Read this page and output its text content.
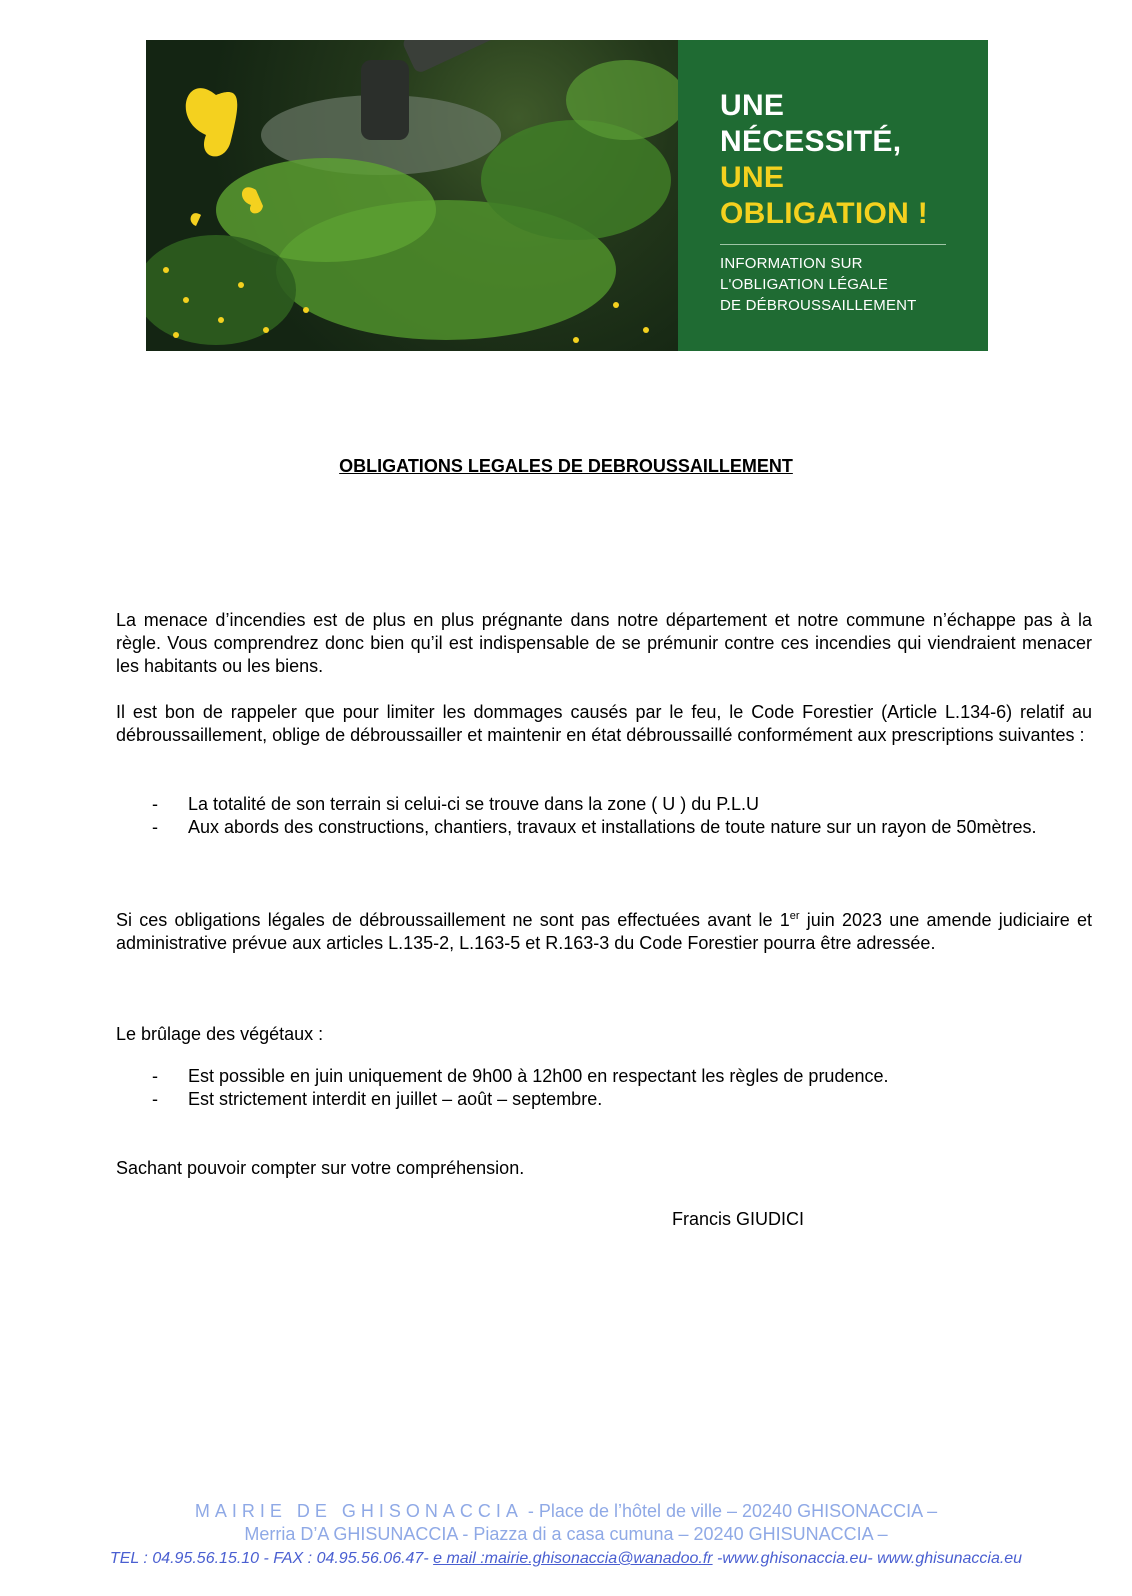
UNE
NÉCESSITÉ,
UNE
OBLIGATION !
INFORMATION SUR
L'OBLIGATION LÉGALE
DE DÉBROUSSAILLEMENT
OBLIGATIONS LEGALES DE DEBROUSSAILLEMENT
La menace d’incendies est de plus en plus prégnante dans notre département et notre commune n’échappe pas à la règle. Vous comprendrez donc bien qu’il est indispensable de se prémunir contre ces incendies qui viendraient menacer les habitants ou les biens.
Il est bon de rappeler que pour limiter les dommages causés par le feu, le Code Forestier (Article L.134-6) relatif au débroussaillement, oblige de débroussailler et maintenir en état débroussaillé conformément aux prescriptions suivantes :
- La totalité de son terrain si celui-ci se trouve dans la zone ( U ) du P.L.U
- Aux abords des constructions, chantiers, travaux et installations de toute nature sur un rayon de 50mètres.
Si ces obligations légales de débroussaillement ne sont pas effectuées avant le 1er juin 2023 une amende judiciaire et administrative prévue aux articles L.135-2, L.163-5 et R.163-3 du Code Forestier pourra être adressée.
Le brûlage des végétaux :
- Est possible en juin uniquement de 9h00 à 12h00 en respectant les règles de prudence.
- Est strictement interdit en juillet – août – septembre.
Sachant pouvoir compter sur votre compréhension.
Francis GIUDICI
MAIRIE DE GHISONACCIA - Place de l’hôtel de ville – 20240 GHISONACCIA –
Merria D’A GHISUNACCIA - Piazza di a casa cumuna – 20240 GHISUNACCIA –
TEL : 04.95.56.15.10 - FAX : 04.95.56.06.47- e mail :mairie.ghisonaccia@wanadoo.fr -www.ghisonaccia.eu- www.ghisunaccia.eu
